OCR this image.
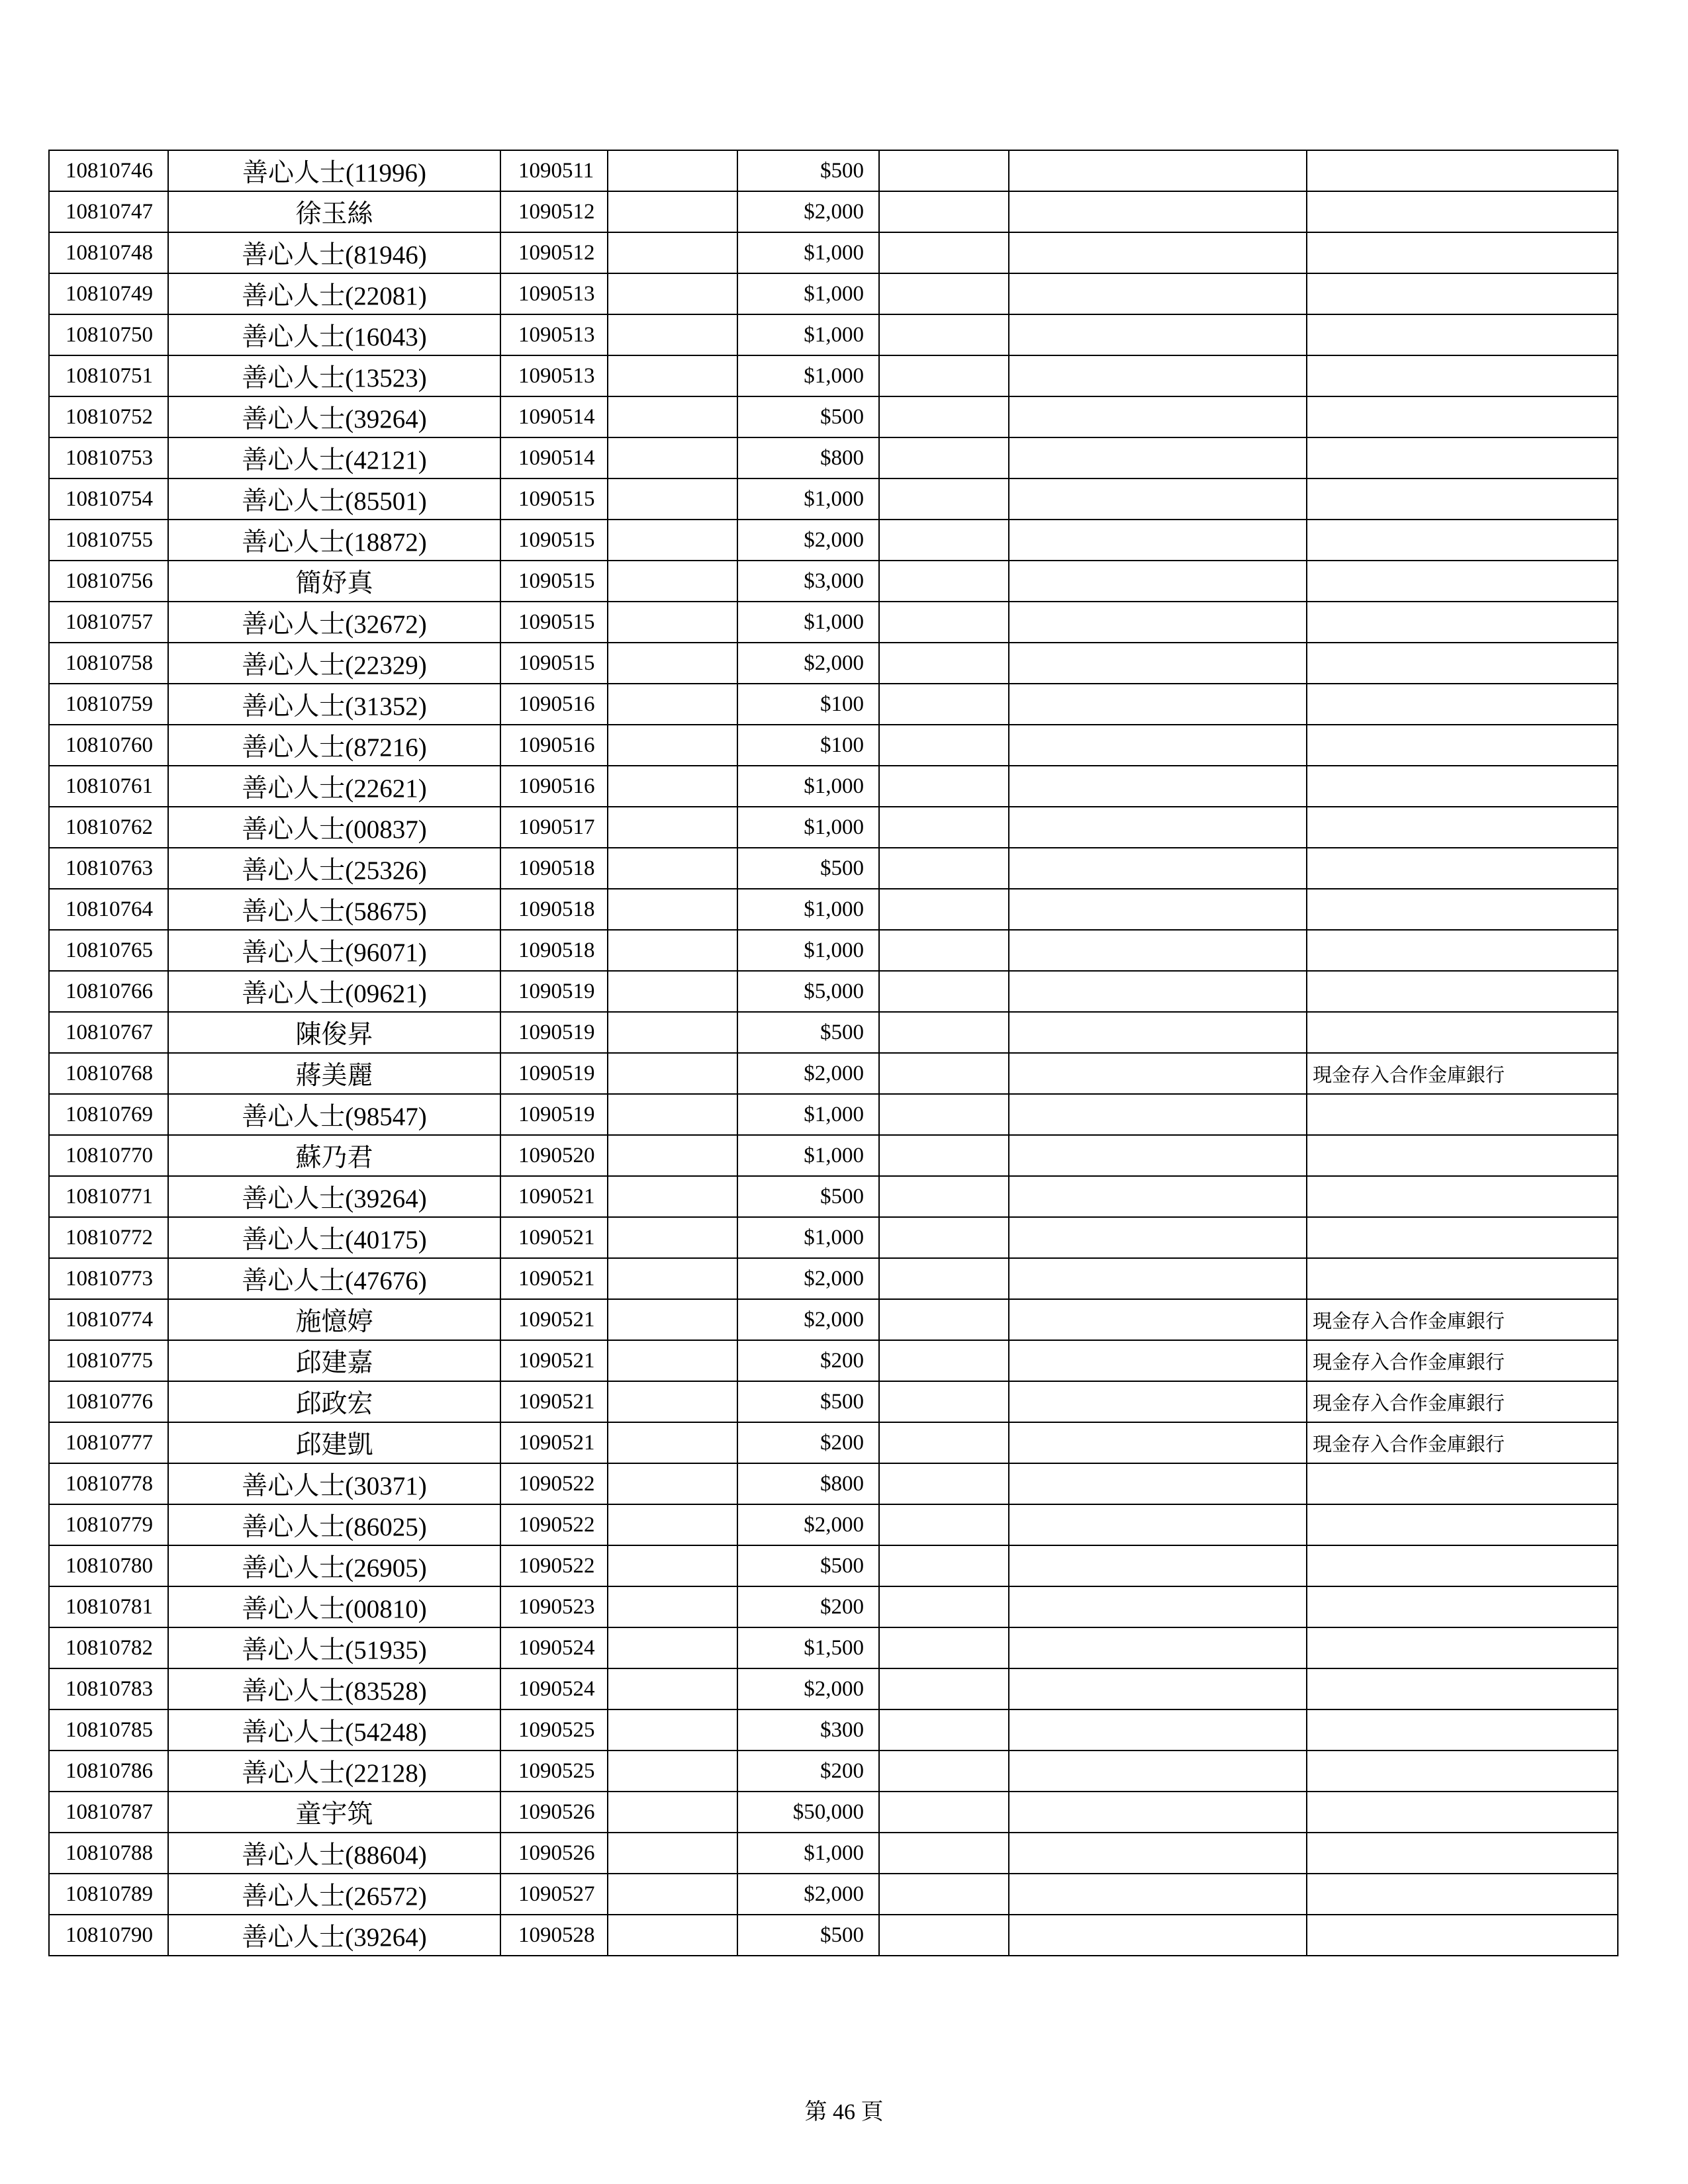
10810746	善心人士(11996)	1090511		$500			
10810747	徐玉絲	1090512		$2,000			
10810748	善心人士(81946)	1090512		$1,000			
10810749	善心人士(22081)	1090513		$1,000			
10810750	善心人士(16043)	1090513		$1,000			
10810751	善心人士(13523)	1090513		$1,000			
10810752	善心人士(39264)	1090514		$500			
10810753	善心人士(42121)	1090514		$800			
10810754	善心人士(85501)	1090515		$1,000			
10810755	善心人士(18872)	1090515		$2,000			
10810756	簡妤真	1090515		$3,000			
10810757	善心人士(32672)	1090515		$1,000			
10810758	善心人士(22329)	1090515		$2,000			
10810759	善心人士(31352)	1090516		$100			
10810760	善心人士(87216)	1090516		$100			
10810761	善心人士(22621)	1090516		$1,000			
10810762	善心人士(00837)	1090517		$1,000			
10810763	善心人士(25326)	1090518		$500			
10810764	善心人士(58675)	1090518		$1,000			
10810765	善心人士(96071)	1090518		$1,000			
10810766	善心人士(09621)	1090519		$5,000			
10810767	陳俊昇	1090519		$500			
10810768	蔣美麗	1090519		$2,000			現金存入合作金庫銀行
10810769	善心人士(98547)	1090519		$1,000			
10810770	蘇乃君	1090520		$1,000			
10810771	善心人士(39264)	1090521		$500			
10810772	善心人士(40175)	1090521		$1,000			
10810773	善心人士(47676)	1090521		$2,000			
10810774	施憶婷	1090521		$2,000			現金存入合作金庫銀行
10810775	邱建嘉	1090521		$200			現金存入合作金庫銀行
10810776	邱政宏	1090521		$500			現金存入合作金庫銀行
10810777	邱建凱	1090521		$200			現金存入合作金庫銀行
10810778	善心人士(30371)	1090522		$800			
10810779	善心人士(86025)	1090522		$2,000			
10810780	善心人士(26905)	1090522		$500			
10810781	善心人士(00810)	1090523		$200			
10810782	善心人士(51935)	1090524		$1,500			
10810783	善心人士(83528)	1090524		$2,000			
10810785	善心人士(54248)	1090525		$300			
10810786	善心人士(22128)	1090525		$200			
10810787	童宇筑	1090526		$50,000			
10810788	善心人士(88604)	1090526		$1,000			
10810789	善心人士(26572)	1090527		$2,000			
10810790	善心人士(39264)	1090528		$500			
第 46 頁
